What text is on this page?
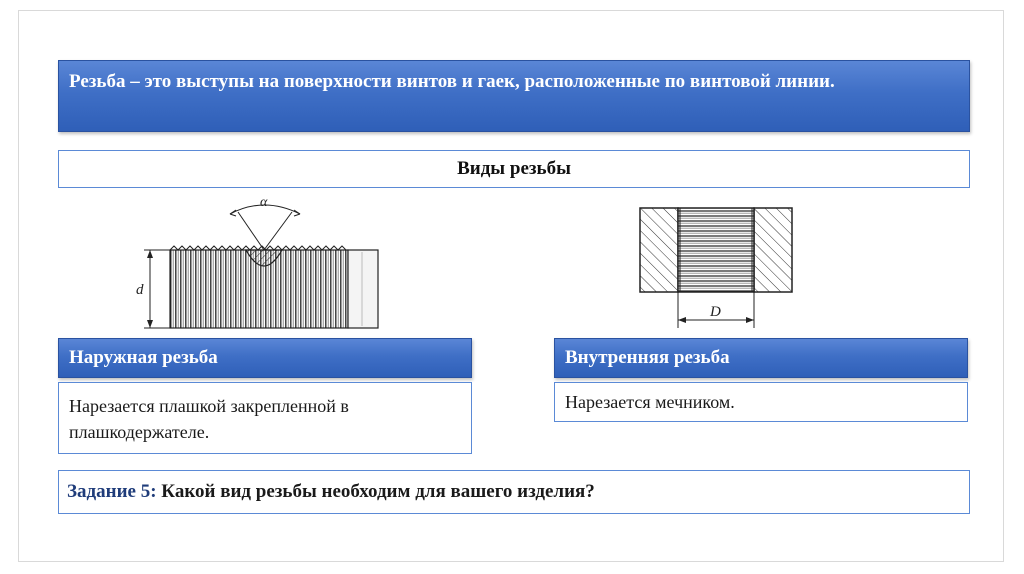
Резьба – это выступы на поверхности винтов и гаек, расположенные по винтовой линии.
Виды резьбы
α
d
D
Наружная резьба	Внутренняя резьба
Нарезается плашкой закрепленной в плашкодержателе.
Нарезается мечником.
Задание 5: Какой вид резьбы необходим для вашего изделия?
